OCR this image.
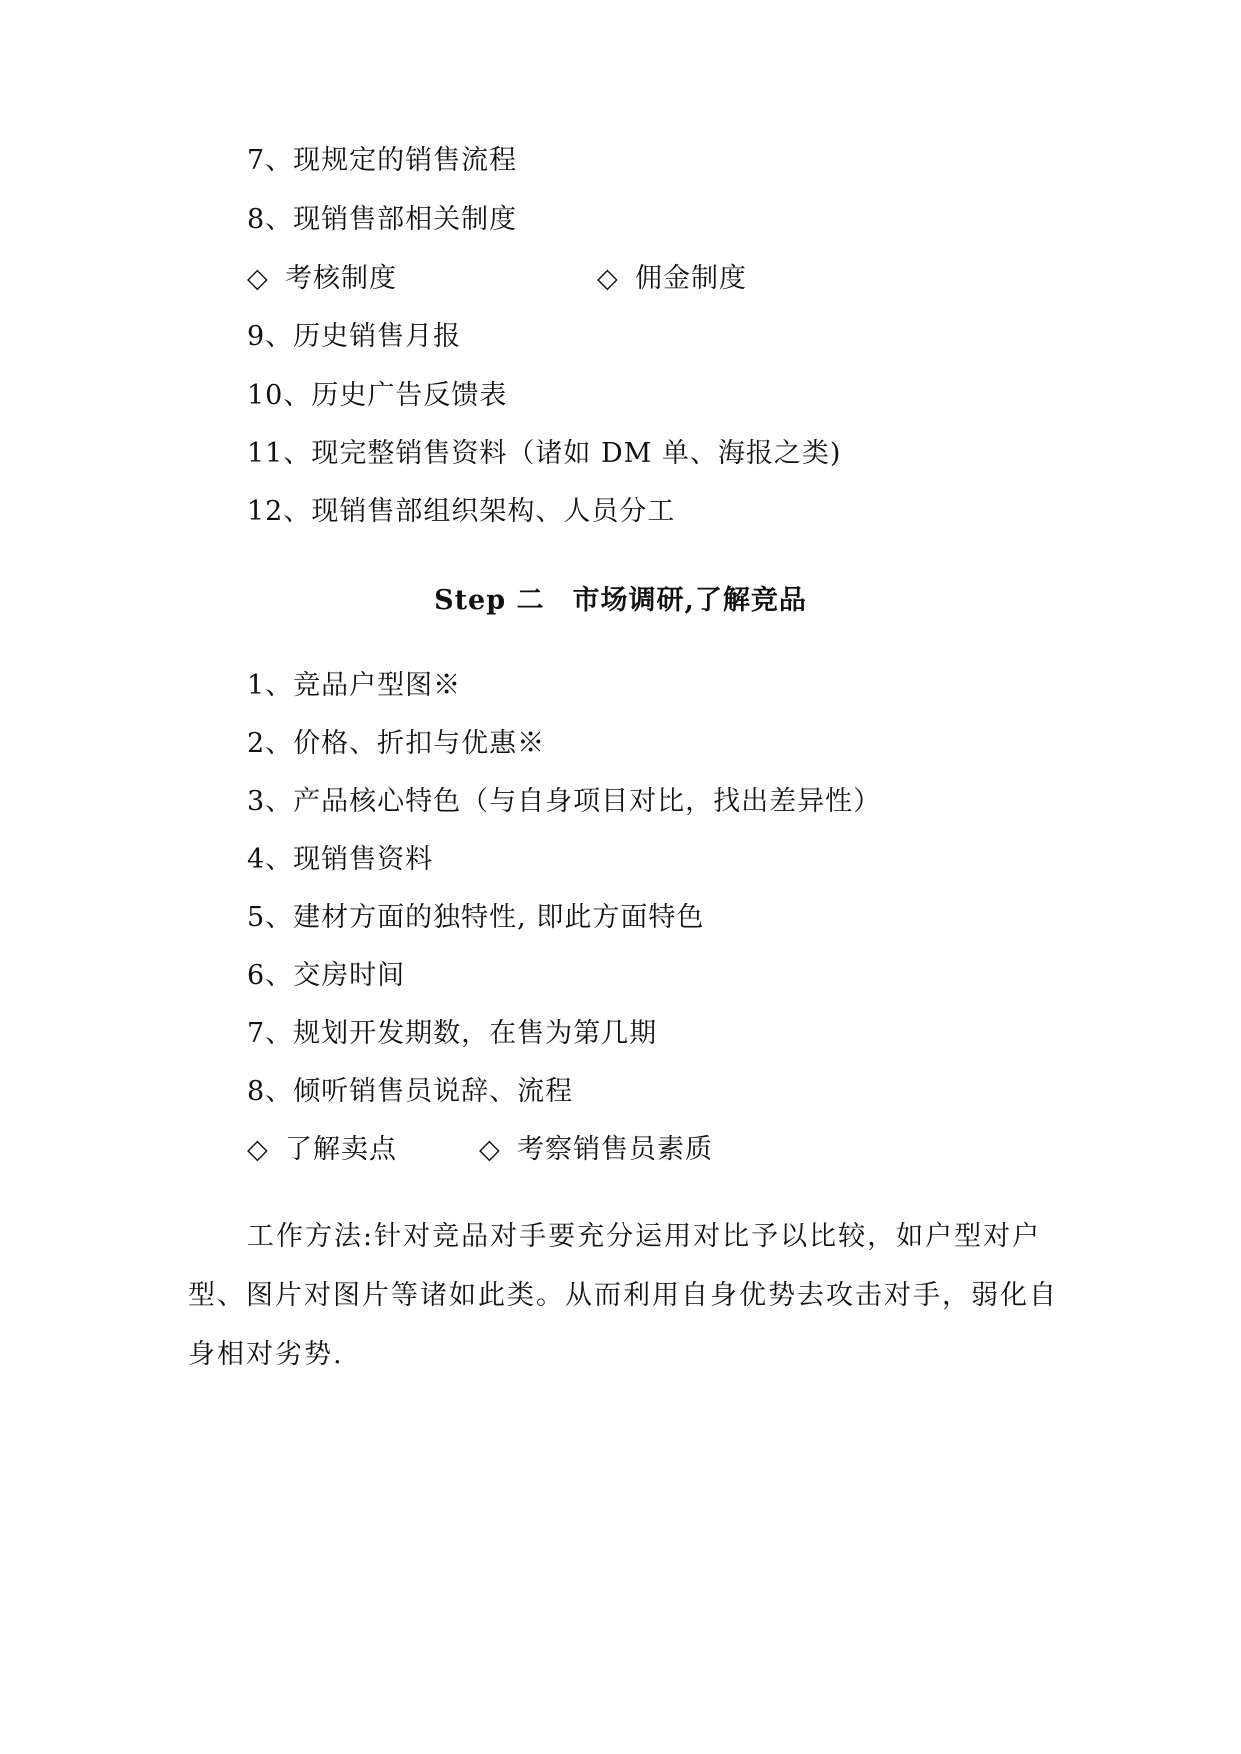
7、现规定的销售流程
8、现销售部相关制度
◇ 考核制度	◇ 佣金制度
9、历史销售月报
10、历史广告反馈表
11、现完整销售资料（诸如 DM 单、海报之类)
12、现销售部组织架构、人员分工
Step 二　市场调研,了解竞品
1、竞品户型图※
2、价格、折扣与优惠※
3、产品核心特色（与自身项目对比，找出差异性）
4、现销售资料
5、建材方面的独特性, 即此方面特色
6、交房时间
7、规划开发期数，在售为第几期
8、倾听销售员说辞、流程
◇ 了解卖点	◇ 考察销售员素质
工作方法:针对竞品对手要充分运用对比予以比较，如户型对户
型、图片对图片等诸如此类。从而利用自身优势去攻击对手，弱化自
身相对劣势.
